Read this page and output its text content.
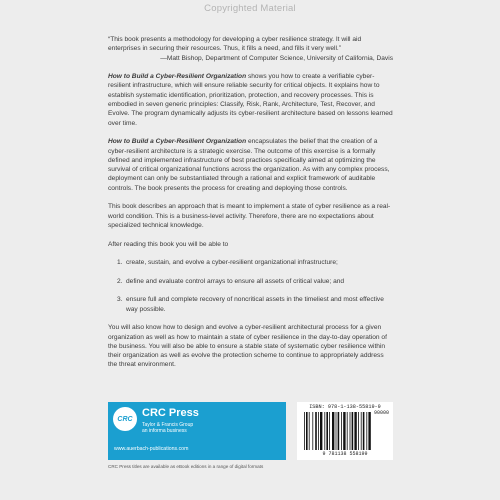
Copyrighted Material

“This book presents a methodology for developing a cyber resilience strategy. It will aid enterprises in securing their resources. Thus, it fills a need, and fills it very well.”

—Matt Bishop, Department of Computer Science, University of California, Davis

How to Build a Cyber-Resilient Organization shows you how to create a verifiable cyber-resilient infrastructure, which will ensure reliable security for critical objects. It explains how to establish systematic identification, prioritization, protection, and recovery processes. This is embodied in seven generic principles: Classify, Risk, Rank, Architecture, Test, Recover, and Evolve. The program dynamically adjusts its cyber-resilient architecture based on lessons learned over time.

How to Build a Cyber-Resilient Organization encapsulates the belief that the creation of a cyber-resilient architecture is a strategic exercise. The outcome of this exercise is a formally defined and implemented infrastructure of best practices specifically aimed at optimizing the survival of critical organizational functions across the organization. As with any complex process, deployment can only be substantiated through a rational and explicit framework of auditable controls. The book presents the process for creating and deploying those controls.

This book describes an approach that is meant to implement a state of cyber resilience as a real-world condition. This is a business-level activity. Therefore, there are no expectations about specialized technical knowledge.

After reading this book you will be able to

1. create, sustain, and evolve a cyber-resilient organizational infrastructure;
2. define and evaluate control arrays to ensure all assets of critical value; and
3. ensure full and complete recovery of noncritical assets in the timeliest and most effective way possible.

You will also know how to design and evolve a cyber-resilient architectural process for a given organization as well as how to maintain a state of cyber resilience in the day-to-day operation of the business. You will also be able to ensure a stable state of systematic cyber resilience within their organization as well as evolve the protection scheme to continue to appropriately address the threat environment.

CRC CRC Press
Taylor & Francis Group
an informa business
www.auerbach-publications.com
ISBN: 978-1-138-55819-9
90000
9 781138 558199
CRC Press titles are available as eBook editions in a range of digital formats
